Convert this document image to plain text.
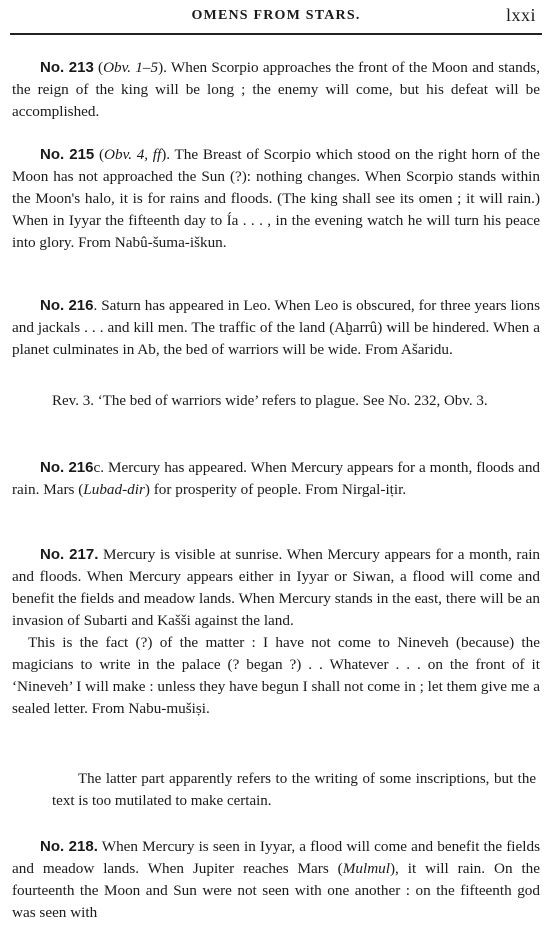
OMENS FROM STARS.	lxxi

No. 213 (Obv. 1–5). When Scorpio approaches the front of the Moon and stands, the reign of the king will be long ; the enemy will come, but his defeat will be accomplished.

No. 215 (Obv. 4, ff). The Breast of Scorpio which stood on the right horn of the Moon has not approached the Sun (?): nothing changes. When Scorpio stands within the Moon's halo, it is for rains and floods. (The king shall see its omen ; it will rain.) When in Iyyar the fifteenth day to Ía . . . , in the evening watch he will turn his peace into glory. From Nabû-šuma-iškun.

No. 216. Saturn has appeared in Leo. When Leo is obscured, for three years lions and jackals . . . and kill men. The traffic of the land (Aḫarrû) will be hindered. When a planet culminates in Ab, the bed of warriors will be wide. From Ašaridu.

Rev. 3. ‘The bed of warriors wide’ refers to plague. See No. 232, Obv. 3.

No. 216c. Mercury has appeared. When Mercury appears for a month, floods and rain. Mars (Lubad-dir) for prosperity of people. From Nirgal-iṭir.

No. 217. Mercury is visible at sunrise. When Mercury appears for a month, rain and floods. When Mercury appears either in Iyyar or Siwan, a flood will come and benefit the fields and meadow lands. When Mercury stands in the east, there will be an invasion of Subarti and Kašši against the land.

This is the fact (?) of the matter : I have not come to Nineveh (because) the magicians to write in the palace (? began ?) . . Whatever . . . on the front of it ‘Nineveh’ I will make : unless they have begun I shall not come in ; let them give me a sealed letter. From Nabu-mušiṣi.

The latter part apparently refers to the writing of some inscriptions, but the text is too mutilated to make certain.

No. 218. When Mercury is seen in Iyyar, a flood will come and benefit the fields and meadow lands. When Jupiter reaches Mars (Mulmul), it will rain. On the fourteenth the Moon and Sun were not seen with one another : on the fifteenth god was seen with
